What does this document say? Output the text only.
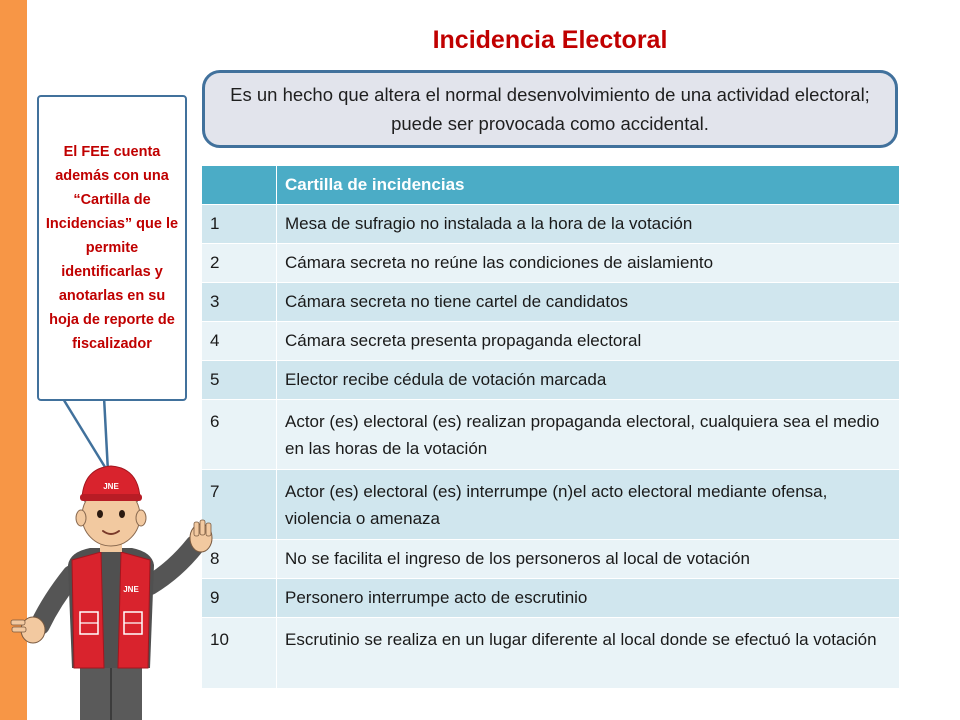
Incidencia Electoral
Es un hecho que altera el normal desenvolvimiento de una actividad electoral; puede ser provocada como accidental.
	Cartilla de incidencias
1	Mesa de sufragio no instalada a la hora de la votación
2	Cámara secreta no reúne las condiciones de aislamiento
3	Cámara secreta no tiene cartel de candidatos
4	Cámara secreta presenta propaganda electoral
5	Elector recibe cédula de votación marcada
6	Actor (es) electoral (es) realizan propaganda electoral, cualquiera sea el medio en las horas de la votación
7	Actor (es) electoral (es) interrumpe (n)el acto electoral mediante ofensa, violencia o amenaza
8	No se facilita el ingreso de los personeros al local de votación
9	Personero interrumpe acto de escrutinio
10	Escrutinio se realiza en un lugar diferente al local donde se efectuó la votación

El FEE cuenta además con una “Cartilla de Incidencias” que le permite identificarlas y anotarlas en su hoja de reporte de fiscalizador

JNE
JNE
